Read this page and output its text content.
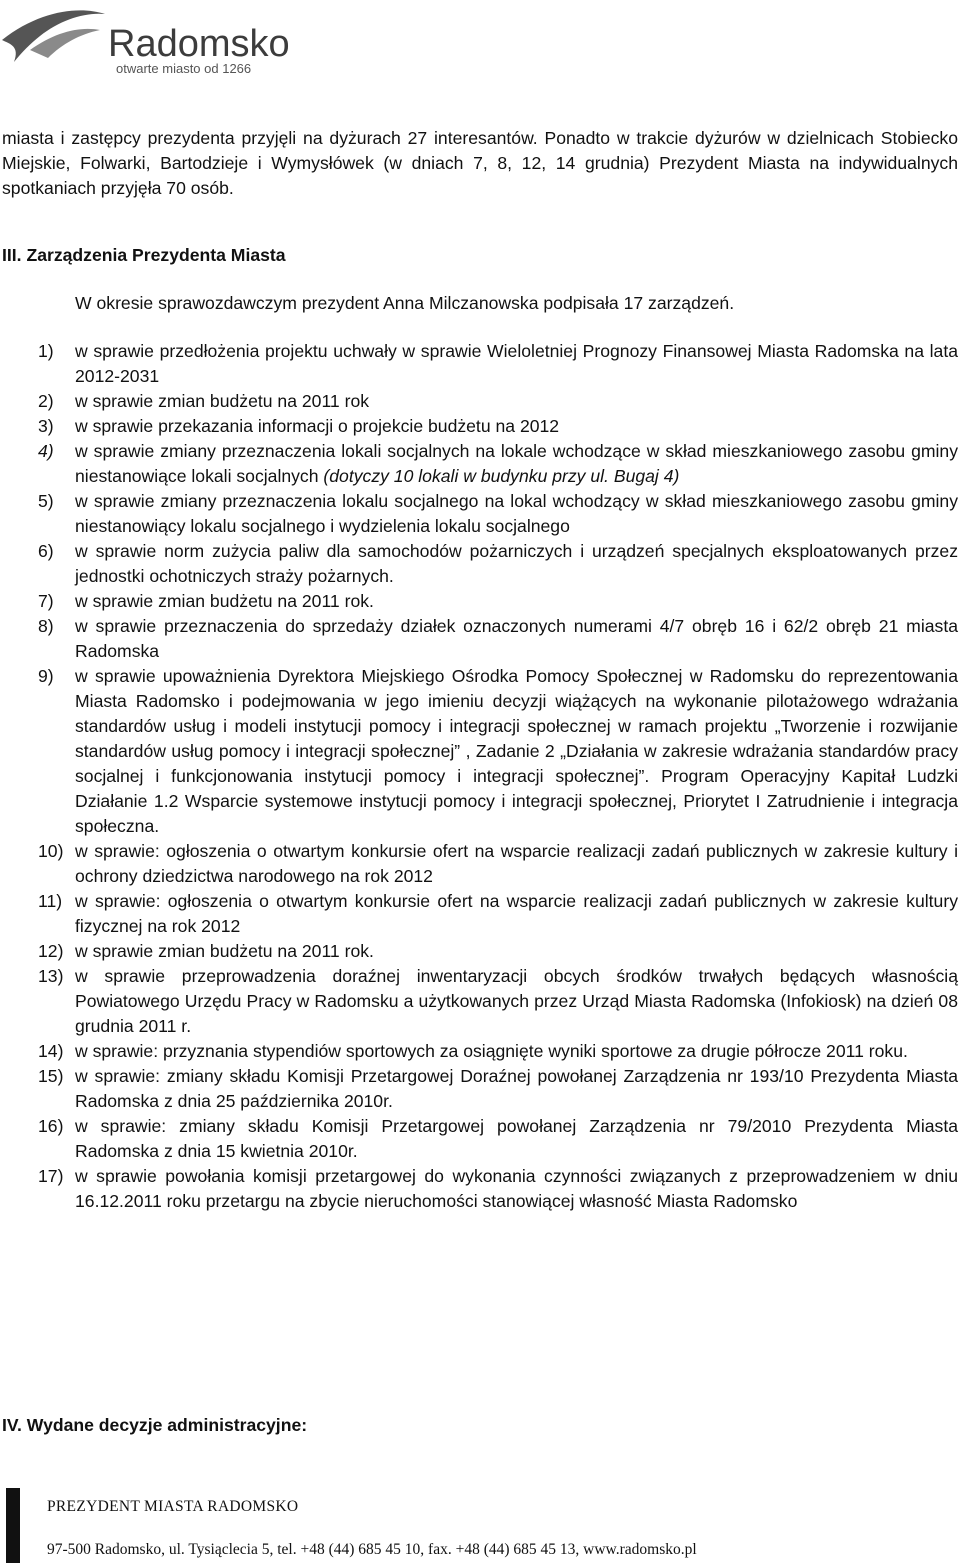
Radomsko
otwarte miasto od 1266

miasta i zastępcy prezydenta przyjęli na dyżurach 27 interesantów. Ponadto w trakcie dyżurów w dzielnicach Stobiecko Miejskie, Folwarki, Bartodzieje i Wymysłówek (w dniach 7, 8, 12, 14 grudnia) Prezydent Miasta na indywidualnych spotkaniach przyjęła 70 osób.

III. Zarządzenia Prezydenta Miasta
W okresie sprawozdawczym prezydent Anna Milczanowska podpisała 17 zarządzeń.
1) w sprawie przedłożenia projektu uchwały w sprawie Wieloletniej Prognozy Finansowej Miasta Radomska na lata 2012-2031
2) w sprawie zmian budżetu na 2011 rok
3) w sprawie przekazania informacji o projekcie budżetu na 2012
4) w sprawie zmiany przeznaczenia lokali socjalnych na lokale wchodzące w skład mieszkaniowego zasobu gminy niestanowiące lokali socjalnych (dotyczy 10 lokali w budynku przy ul. Bugaj 4)
5) w sprawie zmiany przeznaczenia lokalu socjalnego na lokal wchodzący w skład mieszkaniowego zasobu gminy niestanowiący lokalu socjalnego i wydzielenia lokalu socjalnego
6) w sprawie norm zużycia paliw dla samochodów pożarniczych i urządzeń specjalnych eksploatowanych przez jednostki ochotniczych straży pożarnych.
7) w sprawie zmian budżetu na 2011 rok.
8) w sprawie przeznaczenia do sprzedaży działek oznaczonych numerami 4/7 obręb 16 i 62/2 obręb 21 miasta Radomska
9) w sprawie upoważnienia Dyrektora Miejskiego Ośrodka Pomocy Społecznej w Radomsku do reprezentowania Miasta Radomsko i podejmowania w jego imieniu decyzji wiążących na wykonanie pilotażowego wdrażania standardów usług i modeli instytucji pomocy i integracji społecznej w ramach projektu „Tworzenie i rozwijanie standardów usług pomocy i integracji społecznej” , Zadanie 2 „Działania w zakresie wdrażania standardów pracy socjalnej i funkcjonowania instytucji pomocy i integracji społecznej”. Program Operacyjny Kapitał Ludzki Działanie 1.2 Wsparcie systemowe instytucji pomocy i integracji społecznej, Priorytet I Zatrudnienie i integracja społeczna.
10) w sprawie: ogłoszenia o otwartym konkursie ofert na wsparcie realizacji zadań publicznych w zakresie kultury i ochrony dziedzictwa narodowego na rok 2012
11) w sprawie: ogłoszenia o otwartym konkursie ofert na wsparcie realizacji zadań publicznych w zakresie kultury fizycznej na rok 2012
12) w sprawie zmian budżetu na 2011 rok.
13) w sprawie przeprowadzenia doraźnej inwentaryzacji obcych środków trwałych będących własnością Powiatowego Urzędu Pracy w Radomsku a użytkowanych przez Urząd Miasta Radomska (Infokiosk) na dzień 08 grudnia 2011 r.
14) w sprawie: przyznania stypendiów sportowych za osiągnięte wyniki sportowe za drugie półrocze 2011 roku.
15) w sprawie: zmiany składu Komisji Przetargowej Doraźnej powołanej Zarządzenia nr 193/10 Prezydenta Miasta Radomska z dnia 25 października 2010r.
16) w sprawie: zmiany składu Komisji Przetargowej powołanej Zarządzenia nr 79/2010 Prezydenta Miasta Radomska z dnia 15 kwietnia 2010r.
17) w sprawie powołania komisji przetargowej do wykonania czynności związanych z przeprowadzeniem w dniu 16.12.2011 roku przetargu na zbycie nieruchomości stanowiącej własność Miasta Radomsko
IV. Wydane decyzje administracyjne:
PREZYDENT MIASTA RADOMSKO
97-500 Radomsko, ul. Tysiąclecia 5, tel. +48 (44) 685 45 10, fax. +48 (44) 685 45 13, www.radomsko.pl
